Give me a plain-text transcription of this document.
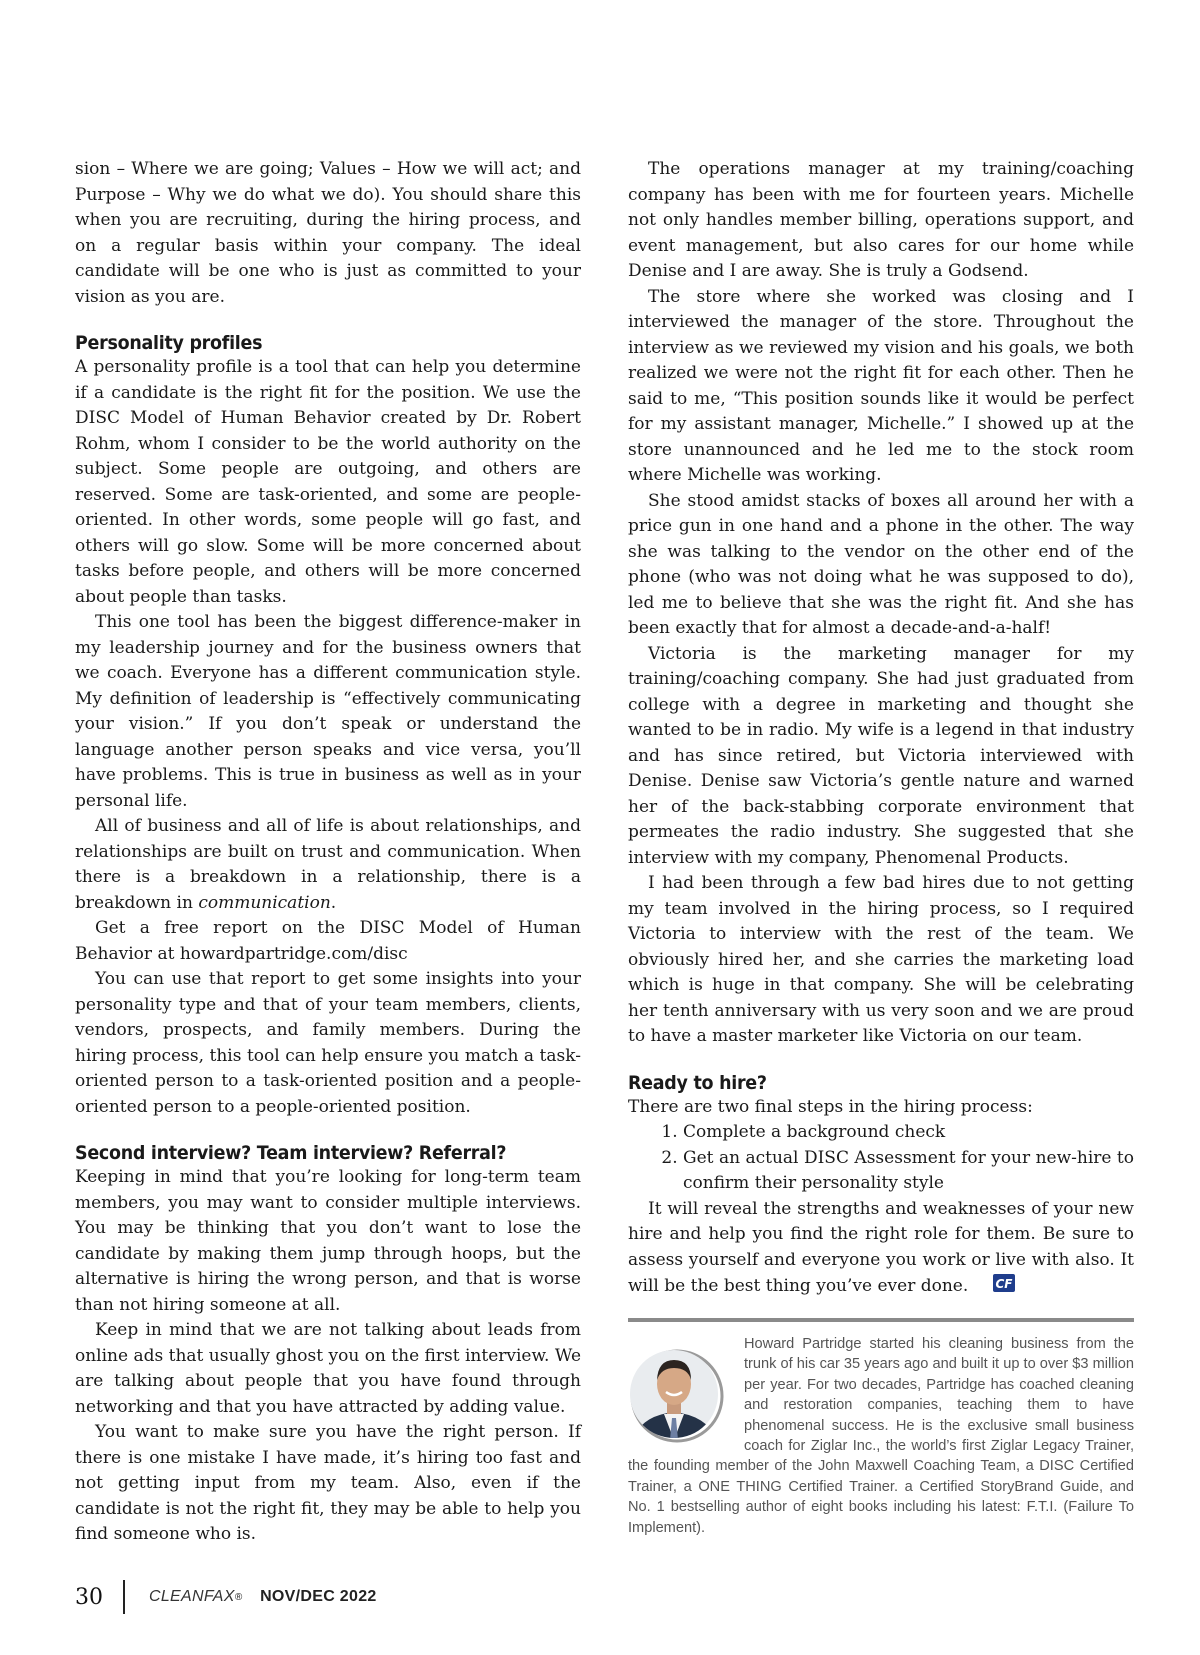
sion – Where we are going; Values – How we will act; and Purpose – Why we do what we do). You should share this when you are recruiting, during the hiring process, and on a regular basis within your company. The ideal candidate will be one who is just as committed to your vision as you are.

Personality profiles

A personality profile is a tool that can help you determine if a candidate is the right fit for the position. We use the DISC Model of Human Behavior created by Dr. Robert Rohm, whom I consider to be the world authority on the subject. Some people are outgoing, and others are reserved. Some are task-oriented, and some are people-oriented. In other words, some people will go fast, and others will go slow. Some will be more concerned about tasks before people, and others will be more concerned about people than tasks.

This one tool has been the biggest difference-maker in my leadership journey and for the business owners that we coach. Everyone has a different communication style. My definition of leadership is “effectively communicating your vision.” If you don’t speak or understand the language another person speaks and vice versa, you’ll have problems. This is true in business as well as in your personal life.

All of business and all of life is about relationships, and relationships are built on trust and communication. When there is a breakdown in a relationship, there is a breakdown in communication.

Get a free report on the DISC Model of Human Behavior at howardpartridge.com/disc

You can use that report to get some insights into your personality type and that of your team members, clients, vendors, prospects, and family members. During the hiring process, this tool can help ensure you match a task-oriented person to a task-oriented position and a people-oriented person to a people-oriented position.

Second interview? Team interview? Referral?

Keeping in mind that you’re looking for long-term team members, you may want to consider multiple interviews. You may be thinking that you don’t want to lose the candidate by making them jump through hoops, but the alternative is hiring the wrong person, and that is worse than not hiring someone at all.

Keep in mind that we are not talking about leads from online ads that usually ghost you on the first interview. We are talking about people that you have found through networking and that you have attracted by adding value.

You want to make sure you have the right person. If there is one mistake I have made, it’s hiring too fast and not getting input from my team. Also, even if the candidate is not the right fit, they may be able to help you find someone who is.

The operations manager at my training/coaching company has been with me for fourteen years. Michelle not only handles member billing, operations support, and event management, but also cares for our home while Denise and I are away. She is truly a Godsend.

The store where she worked was closing and I interviewed the manager of the store. Throughout the interview as we reviewed my vision and his goals, we both realized we were not the right fit for each other. Then he said to me, “This position sounds like it would be perfect for my assistant manager, Michelle.” I showed up at the store unannounced and he led me to the stock room where Michelle was working.

She stood amidst stacks of boxes all around her with a price gun in one hand and a phone in the other. The way she was talking to the vendor on the other end of the phone (who was not doing what he was supposed to do), led me to believe that she was the right fit. And she has been exactly that for almost a decade-and-a-half!

Victoria is the marketing manager for my training/coaching company. She had just graduated from college with a degree in marketing and thought she wanted to be in radio. My wife is a legend in that industry and has since retired, but Victoria interviewed with Denise. Denise saw Victoria’s gentle nature and warned her of the back-stabbing corporate environment that permeates the radio industry. She suggested that she interview with my company, Phenomenal Products.

I had been through a few bad hires due to not getting my team involved in the hiring process, so I required Victoria to interview with the rest of the team. We obviously hired her, and she carries the marketing load which is huge in that company. She will be celebrating her tenth anniversary with us very soon and we are proud to have a master marketer like Victoria on our team.

Ready to hire?

There are two final steps in the hiring process:

1. Complete a background check
2. Get an actual DISC Assessment for your new-hire to confirm their personality style

It will reveal the strengths and weaknesses of your new hire and help you find the right role for them. Be sure to assess yourself and everyone you work or live with also. It will be the best thing you’ve ever done. CF

Howard Partridge started his cleaning business from the trunk of his car 35 years ago and built it up to over $3 million per year. For two decades, Partridge has coached cleaning and restoration companies, teaching them to have phenomenal success. He is the exclusive small business coach for Ziglar Inc., the world’s first Ziglar Legacy Trainer, the founding member of the John Maxwell Coaching Team, a DISC Certified Trainer, a ONE THING Certified Trainer. a Certified StoryBrand Guide, and No. 1 bestselling author of eight books including his latest: F.T.I. (Failure To Implement).
30	CLEANFAX ® NOV/DEC 2022
